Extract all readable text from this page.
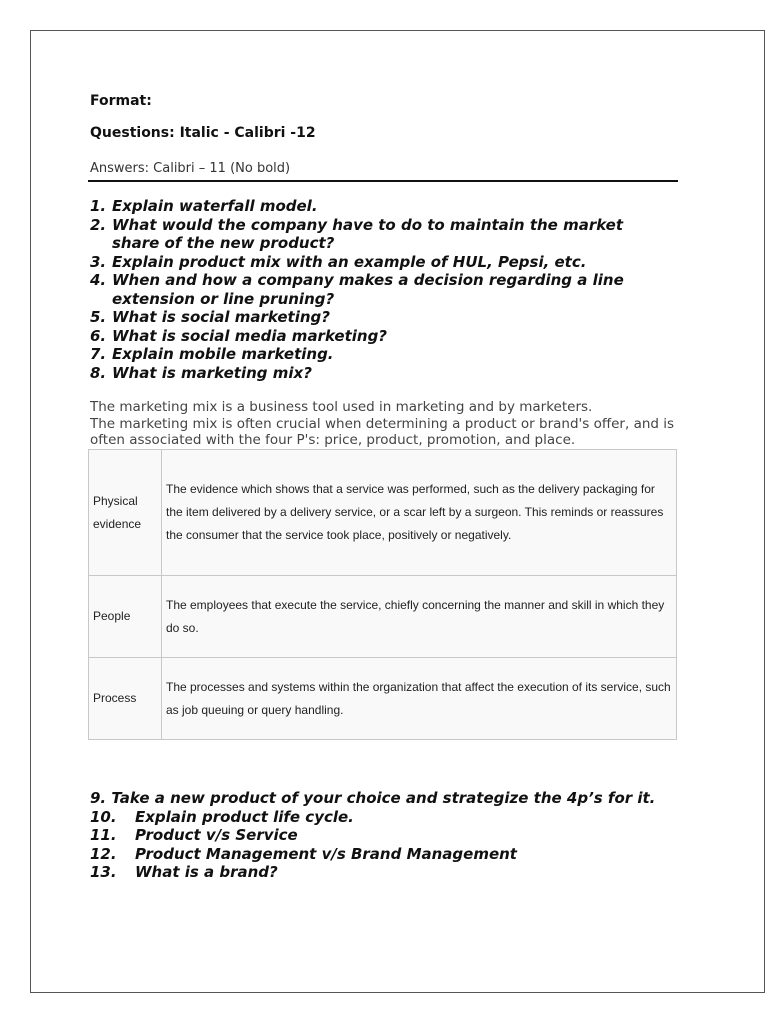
Format:
Questions: Italic - Calibri -12
Answers: Calibri – 11 (No bold)
1. Explain waterfall model.
2. What would the company have to do to maintain the market share of the new product?
3. Explain product mix with an example of HUL, Pepsi, etc.
4. When and how a company makes a decision regarding a line extension or line pruning?
5. What is social marketing?
6. What is social media marketing?
7. Explain mobile marketing.
8. What is marketing mix?
The marketing mix is a business tool used in marketing and by marketers.
The marketing mix is often crucial when determining a product or brand's offer, and is often associated with the four P's: price, product, promotion, and place.
Physical evidence	The evidence which shows that a service was performed, such as the delivery packaging for the item delivered by a delivery service, or a scar left by a surgeon. This reminds or reassures the consumer that the service took place, positively or negatively.
People	The employees that execute the service, chiefly concerning the manner and skill in which they do so.
Process	The processes and systems within the organization that affect the execution of its service, such as job queuing or query handling.
9. Take a new product of your choice and strategize the 4p’s for it.
10. Explain product life cycle.
11. Product v/s Service
12. Product Management v/s Brand Management
13. What is a brand?
